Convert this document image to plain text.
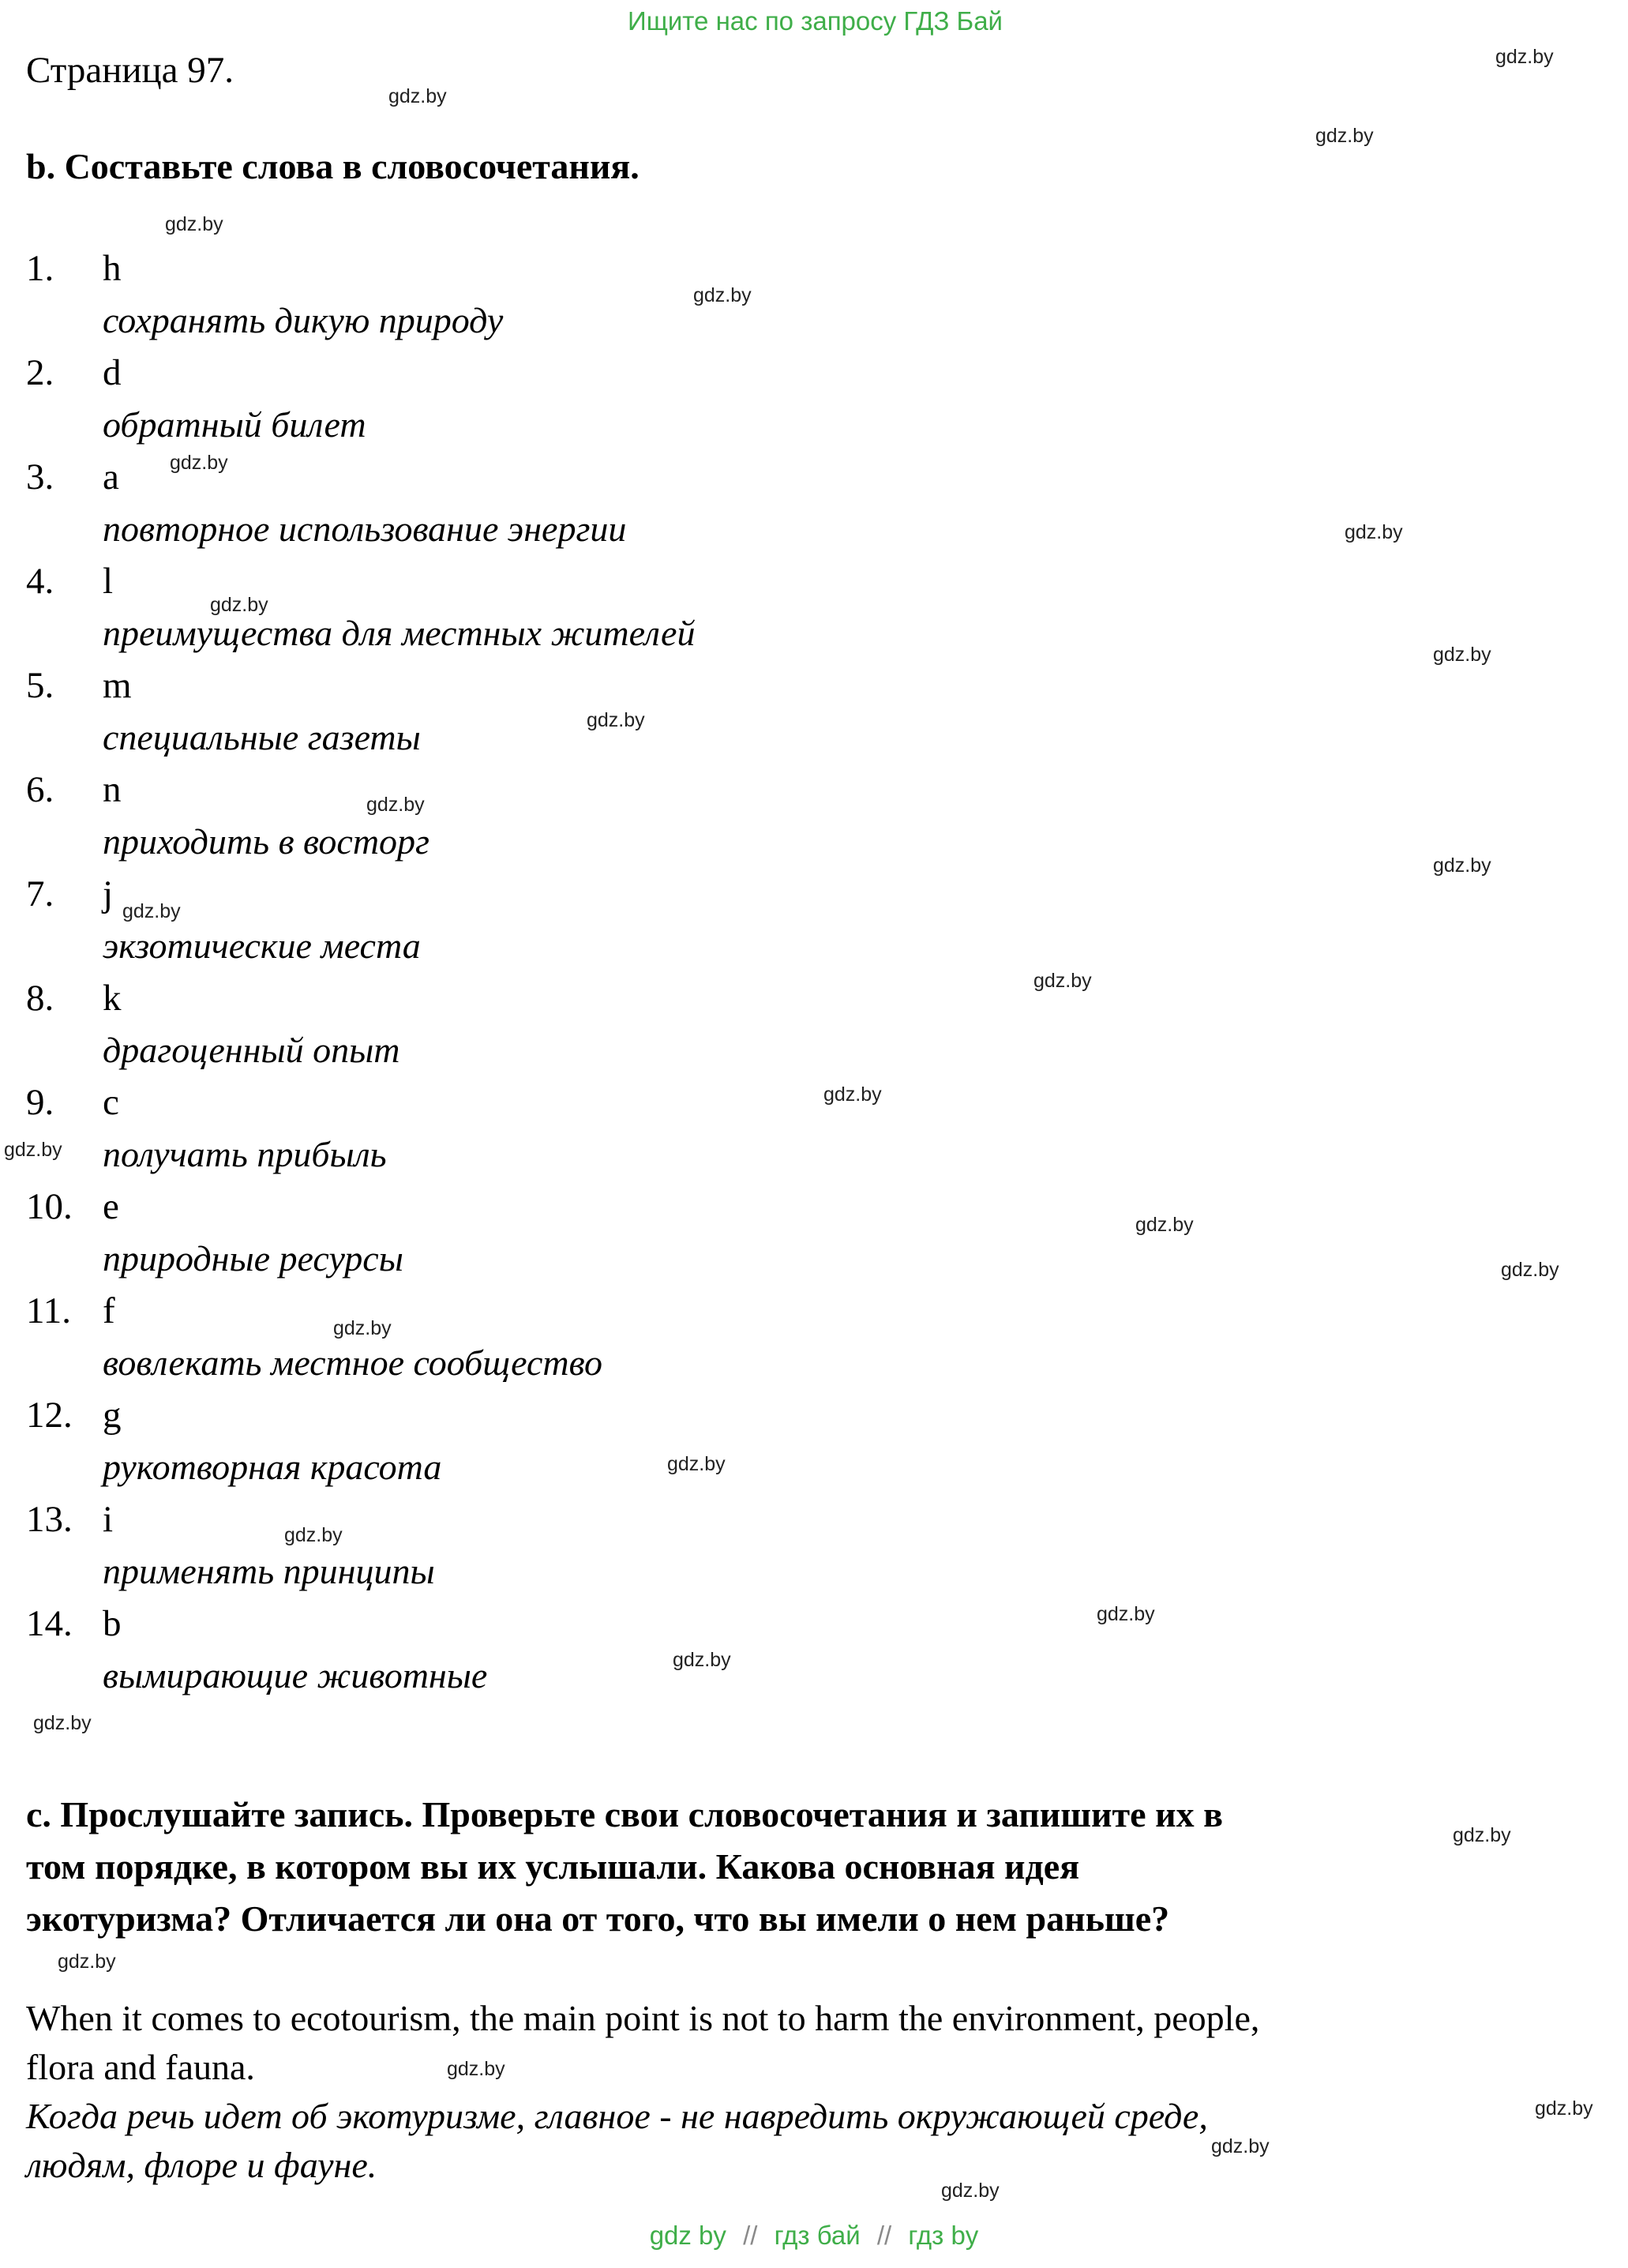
Ищите нас по запросу ГДЗ Бай
Страница 97.
b. Составьте слова в словосочетания.
1. h
сохранять дикую природу
2. d
обратный билет
3. a
повторное использование энергии
4. l
преимущества для местных жителей
5. m
специальные газеты
6. n
приходить в восторг
7. j
экзотические места
8. k
драгоценный опыт
9. c
получать прибыль
10. e
природные ресурсы
11. f
вовлекать местное сообщество
12. g
рукотворная красота
13. i
применять принципы
14. b
вымирающие животные
c. Прослушайте запись. Проверьте свои словосочетания и запишите их в
том порядке, в котором вы их услышали. Какова основная идея
экотуризма? Отличается ли она от того, что вы имели о нем раньше?
When it comes to ecotourism, the main point is not to harm the environment, people,
flora and fauna.
Когда речь идет об экотуризме, главное - не навредить окружающей среде,
людям, флоре и фауне.
gdz by // гдз бай // гдз by
gdz.by
gdz.by
gdz.by
gdz.by
gdz.by
gdz.by
gdz.by
gdz.by
gdz.by
gdz.by
gdz.by
gdz.by
gdz.by
gdz.by
gdz.by
gdz.by
gdz.by
gdz.by
gdz.by
gdz.by
gdz.by
gdz.by
gdz.by
gdz.by
gdz.by
gdz.by
gdz.by
gdz.by
gdz.by
gdz.by
